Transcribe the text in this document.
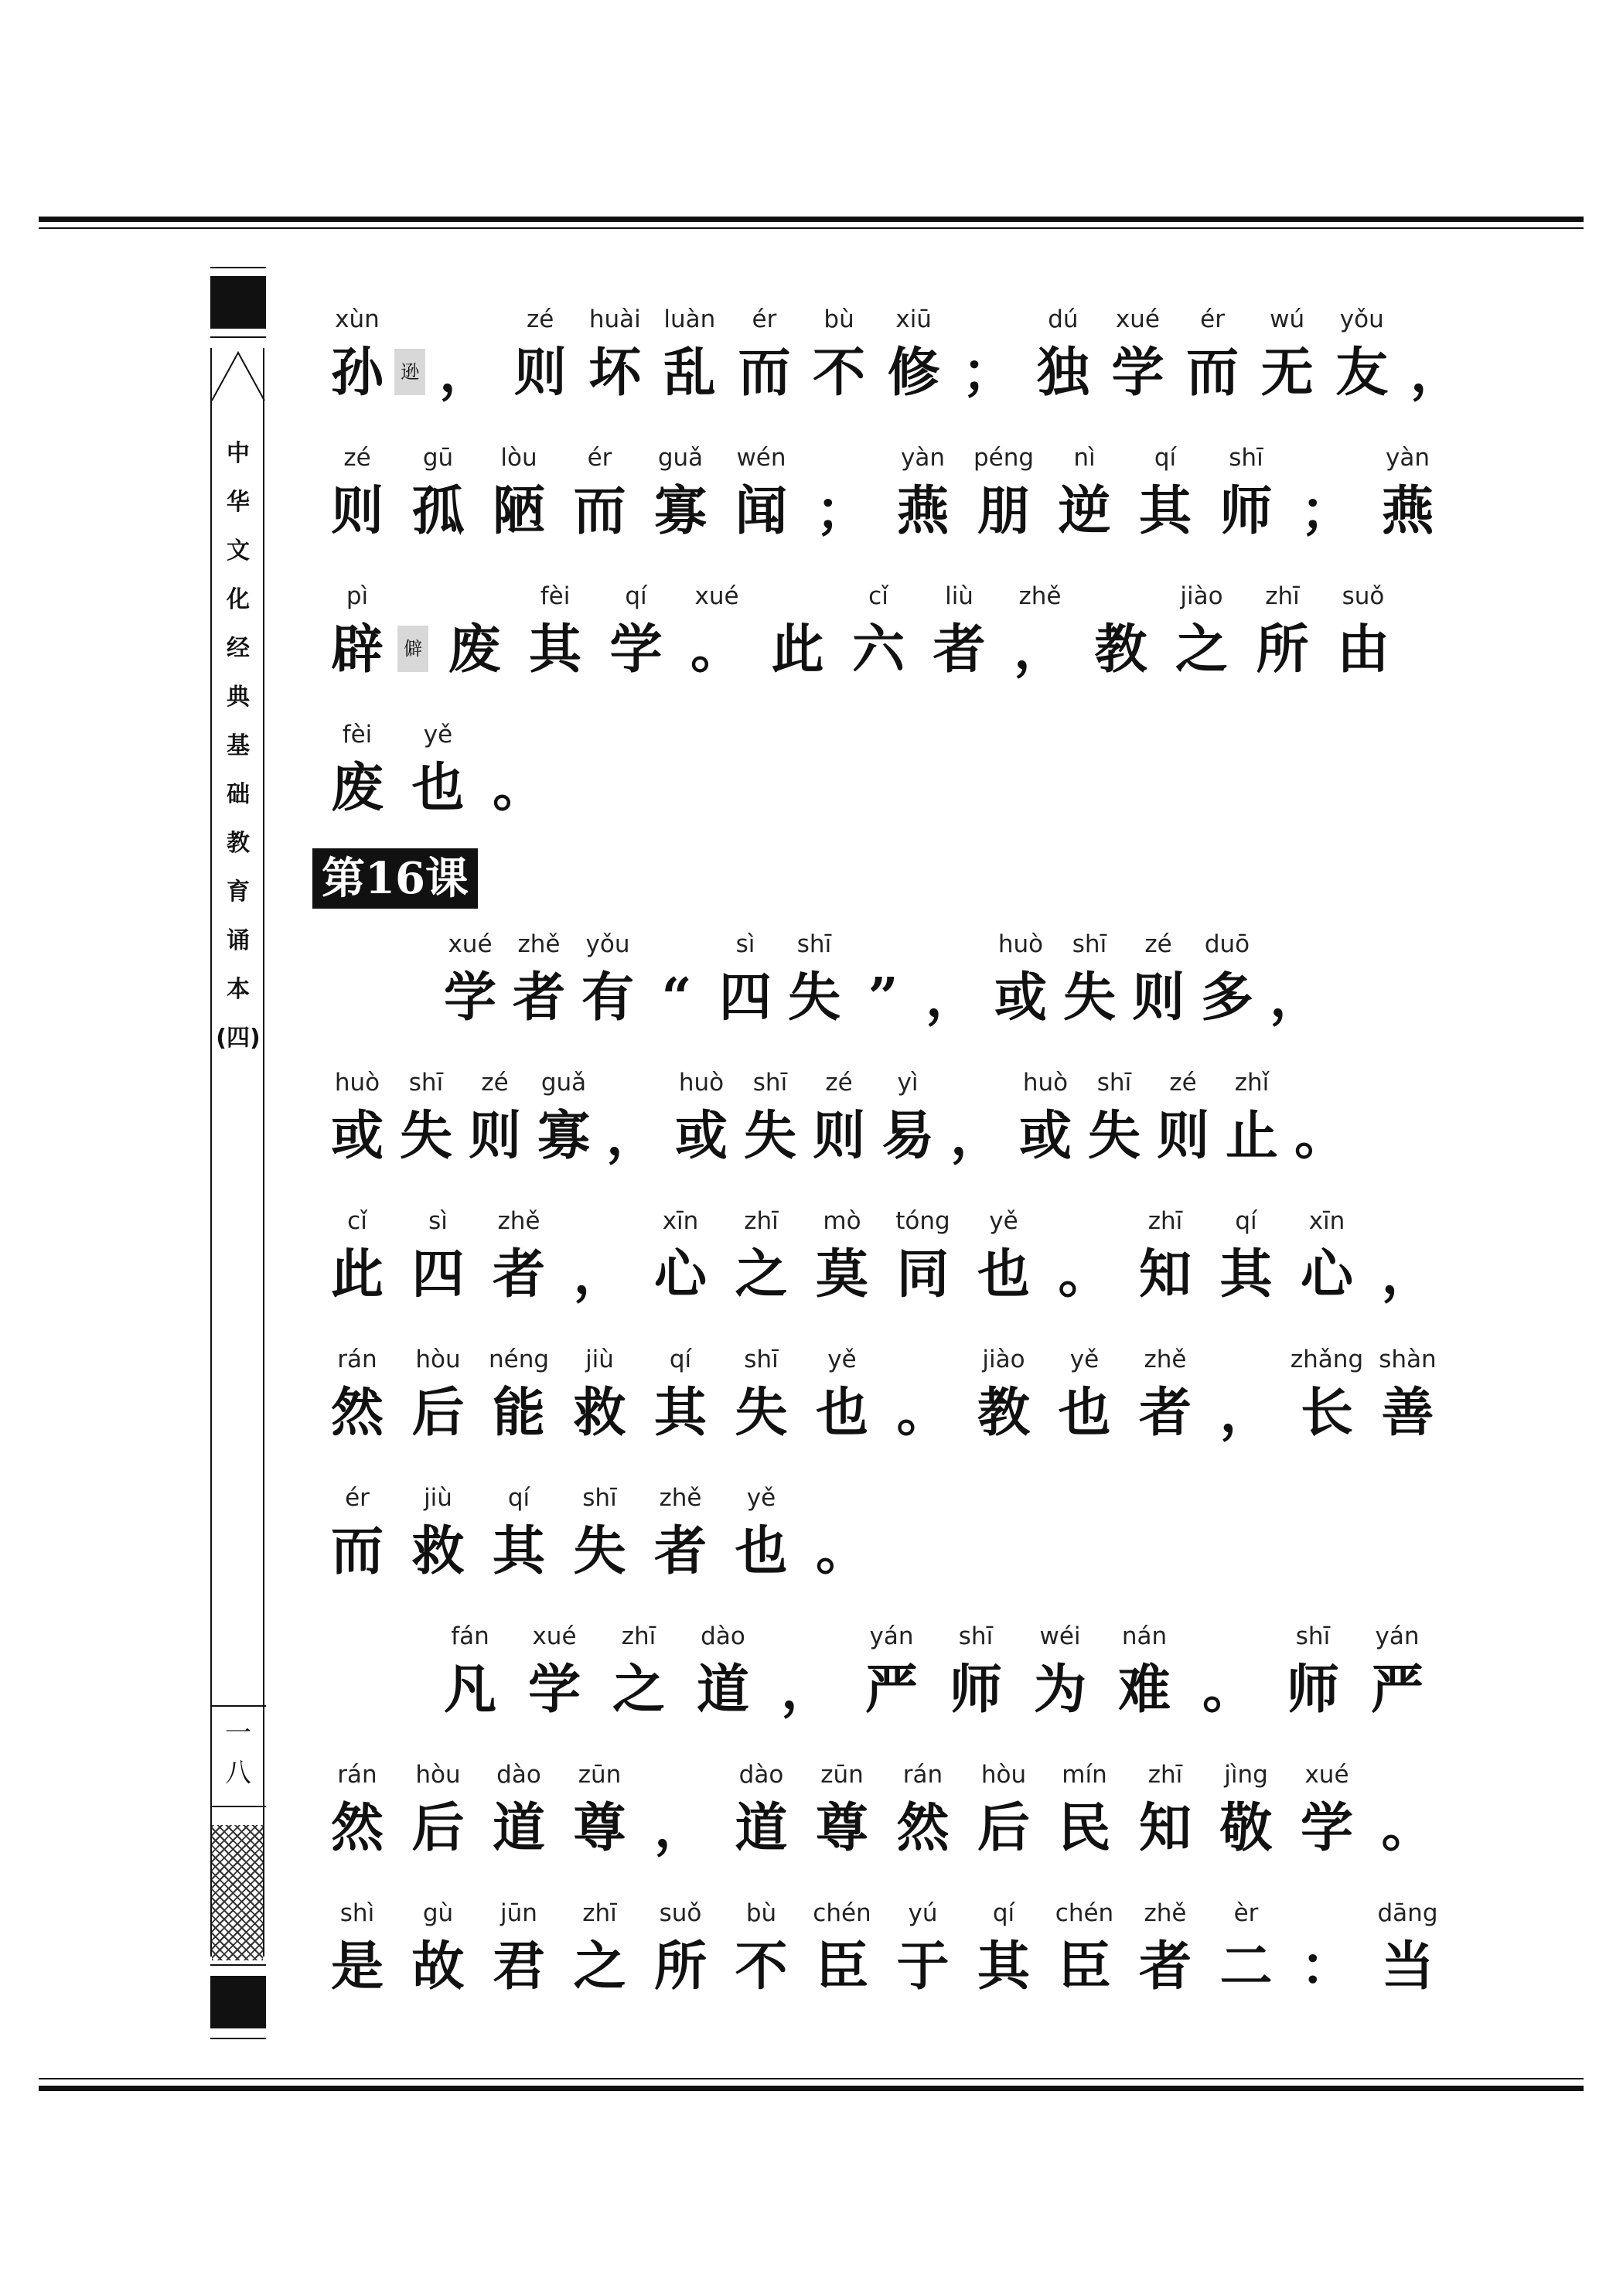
中
华
文
化
经
典
基
础
教
育
诵
本
(四)
一
八
xùn	zé	huài luàn	ér	bù	xiū	dú	xué	ér	wú	yǒu
孙 逊 ， 则 坏 乱 而 不 修 ； 独 学 而 无 友 ，
zé	gū	lòu	ér	guǎ	wén	yàn	péng	nì	qí	shī	yàn
则 孤 陋 而 寡 闻 ； 燕 朋 逆 其 师 ； 燕
pì	fèi	qí	xué	cǐ	liù	zhě	jiào	zhī	suǒ
辟	僻 废 其 学 。 此 六 者 ， 教 之 所 由
fèi	yě
废 也 。
第16课
xué	zhě	yǒu	sì	shī	huò	shī	zé	duō
学 者 有 “ 四 失 ” ， 或 失 则 多 ，
huò	shī	zé	guǎ	huò	shī	zé	yì	huò	shī	zé	zhǐ
或 失 则 寡 ， 或 失 则 易 ， 或 失 则 止 。
cǐ	sì	zhě	xīn	zhī	mò	tóng	yě	zhī	qí	xīn
此 四 者 ， 心 之 莫 同 也 。 知 其 心 ，
rán	hòu	néng	jiù	qí	shī	yě	jiào	yě	zhě	zhǎng shàn
然 后 能 救 其 失 也 。 教 也 者 ， 长 善
ér	jiù	qí	shī	zhě	yě
而 救 其 失 者 也 。
fán	xué	zhī	dào	yán	shī	wéi	nán	shī	yán
凡 学 之 道 ， 严 师 为 难 。 师 严
rán	hòu	dào	zūn	dào	zūn	rán	hòu	mín	zhī	jìng	xué
然 后 道 尊 ， 道 尊 然 后 民 知 敬 学 。
shì	gù	jūn	zhī	suǒ	bù	chén	yú	qí	chén	zhě	èr	dāng
是 故 君 之 所 不 臣 于 其 臣 者 二 ： 当
